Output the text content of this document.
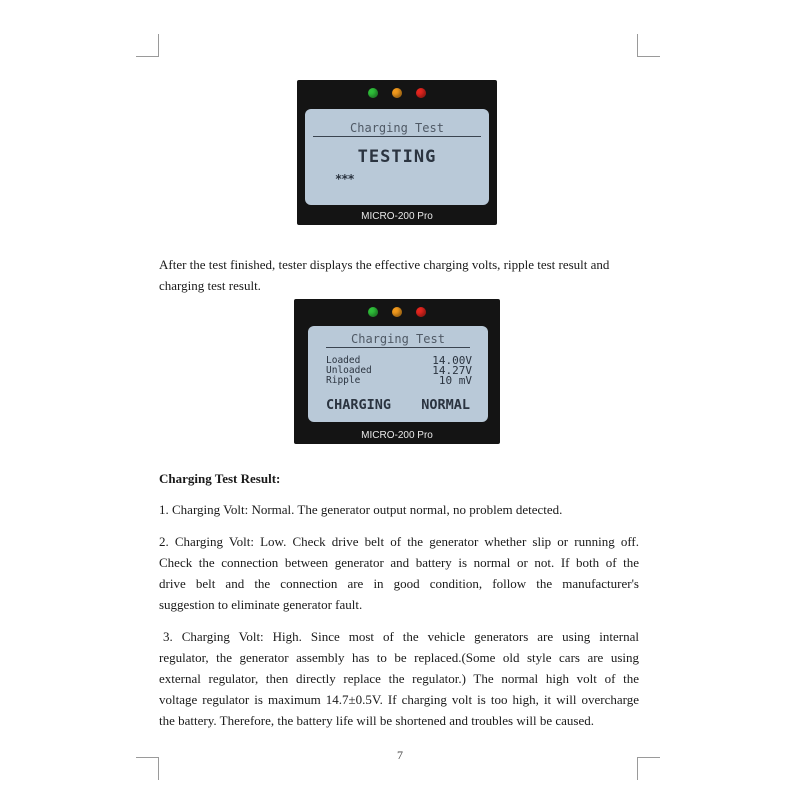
Charging Test
TESTING
***
MICRO-200 Pro

After the test finished, tester displays the effective charging volts, ripple test result and
charging test result.

Charging Test
Loaded	14.00V
Unloaded	14.27V
Ripple	10 mV
CHARGING NORMAL
MICRO-200 Pro

Charging Test Result:

1. Charging Volt: Normal. The generator output normal, no problem detected.

2. Charging Volt: Low. Check drive belt of the generator whether slip or running off.
Check the connection between generator and battery is normal or not. If both of the
drive belt and the connection are in good condition, follow the manufacturer's
suggestion to eliminate generator fault.

3. Charging Volt: High. Since most of the vehicle generators are using internal
regulator, the generator assembly has to be replaced.(Some old style cars are using
external regulator, then directly replace the regulator.) The normal high volt of the
voltage regulator is maximum 14.7±0.5V. If charging volt is too high, it will overcharge
the battery. Therefore, the battery life will be shortened and troubles will be caused.

7
